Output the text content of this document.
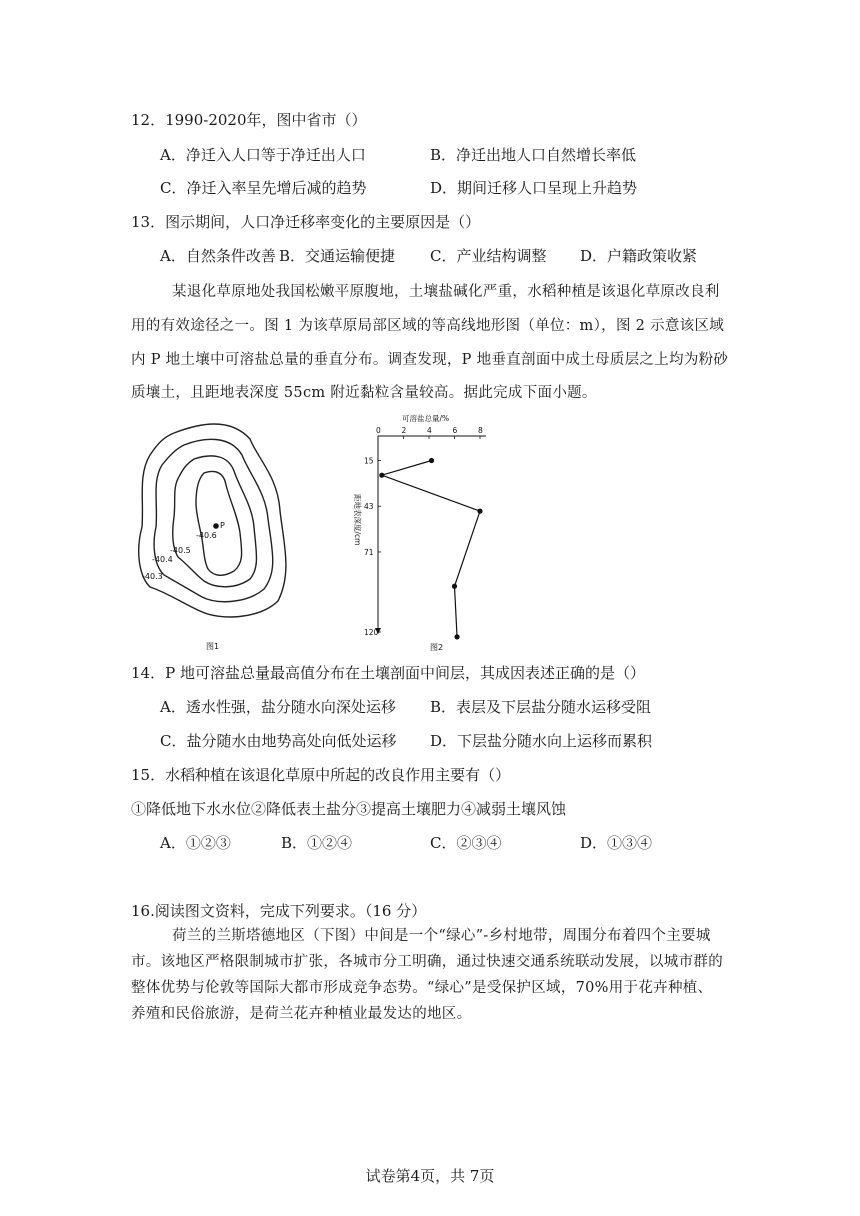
12．1990-2020年，图中省市（）
A．净迁入人口等于净迁出人口	B．净迁出地人口自然增长率低
C．净迁入率呈先增后减的趋势	D．期间迁移人口呈现上升趋势
13．图示期间，人口净迁移率变化的主要原因是（）
A．自然条件改善 B．交通运输便捷 C．产业结构调整 D．户籍政策收紧
某退化草原地处我国松嫩平原腹地，土壤盐碱化严重，水稻种植是该退化草原改良利
用的有效途径之一。图 1 为该草原局部区域的等高线地形图（单位：m），图 2 示意该区域
内 P 地土壤中可溶盐总量的垂直分布。调查发现，P 地垂直剖面中成土母质层之上均为粉砂
质壤土，且距地表深度 55cm 附近黏粒含量较高。据此完成下面小题。
P
-40.6
-40.5
-40.4
-40.3
图1
可溶盐总量/%
距地表深度/cm
0	2	4	6	8
15
43
71
120
图2
14．P 地可溶盐总量最高值分布在土壤剖面中间层，其成因表述正确的是（）
A．透水性强，盐分随水向深处运移 B．表层及下层盐分随水运移受阻
C．盐分随水由地势高处向低处运移 D．下层盐分随水向上运移而累积
15．水稻种植在该退化草原中所起的改良作用主要有（）
①降低地下水水位②降低表土盐分③提高土壤肥力④减弱土壤风蚀
A．①②③	B．①②④	C．②③④	D．①③④
16.阅读图文资料，完成下列要求。（16 分）
荷兰的兰斯塔德地区（下图）中间是一个“绿心”-乡村地带，周围分布着四个主要城
市。该地区严格限制城市扩张，各城市分工明确，通过快速交通系统联动发展，以城市群的
整体优势与伦敦等国际大都市形成竞争态势。“绿心”是受保护区域，70%用于花卉种植、
养殖和民俗旅游，是荷兰花卉种植业最发达的地区。
试卷第4页，共 7页
